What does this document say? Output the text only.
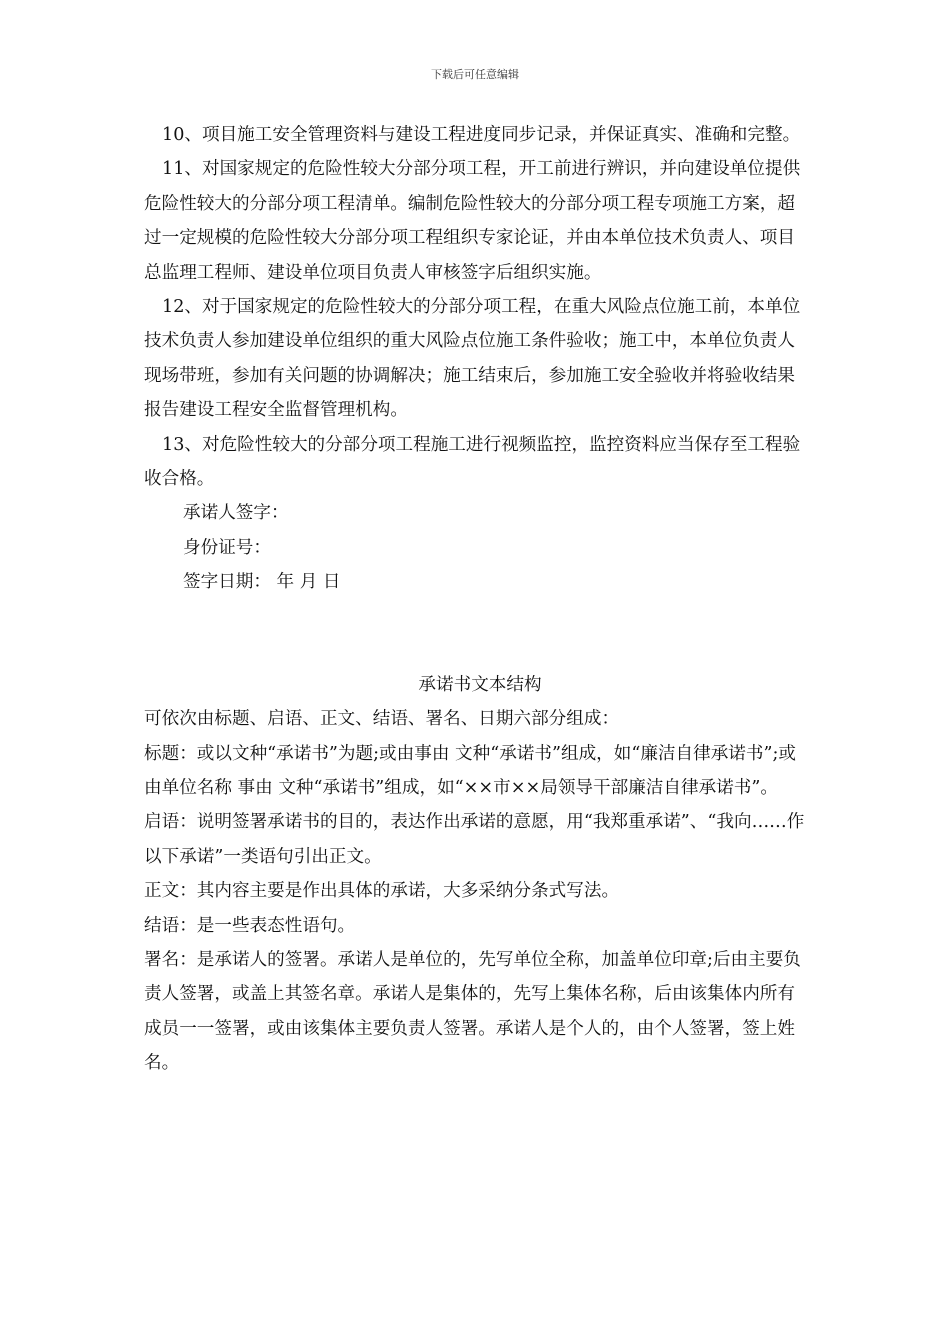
下载后可任意编辑

10、项目施工安全管理资料与建设工程进度同步记录，并保证真实、准确和完整。

11、对国家规定的危险性较大分部分项工程，开工前进行辨识，并向建设单位提供危险性较大的分部分项工程清单。编制危险性较大的分部分项工程专项施工方案，超过一定规模的危险性较大分部分项工程组织专家论证，并由本单位技术负责人、项目总监理工程师、建设单位项目负责人审核签字后组织实施。

12、对于国家规定的危险性较大的分部分项工程，在重大风险点位施工前，本单位技术负责人参加建设单位组织的重大风险点位施工条件验收；施工中，本单位负责人现场带班，参加有关问题的协调解决；施工结束后，参加施工安全验收并将验收结果报告建设工程安全监督管理机构。

13、对危险性较大的分部分项工程施工进行视频监控，监控资料应当保存至工程验收合格。

承诺人签字：

身份证号：

签字日期： 年 月 日

承诺书文本结构

可依次由标题、启语、正文、结语、署名、日期六部分组成：

标题：或以文种“承诺书”为题;或由事由 文种“承诺书”组成，如“廉洁自律承诺书”;或由单位名称 事由 文种“承诺书”组成，如“××市××局领导干部廉洁自律承诺书”。

启语：说明签署承诺书的目的，表达作出承诺的意愿，用“我郑重承诺”、“我向……作以下承诺”一类语句引出正文。

正文：其内容主要是作出具体的承诺，大多采纳分条式写法。

结语：是一些表态性语句。

署名：是承诺人的签署。承诺人是单位的，先写单位全称，加盖单位印章;后由主要负责人签署，或盖上其签名章。承诺人是集体的，先写上集体名称，后由该集体内所有成员一一签署，或由该集体主要负责人签署。承诺人是个人的，由个人签署，签上姓名。
